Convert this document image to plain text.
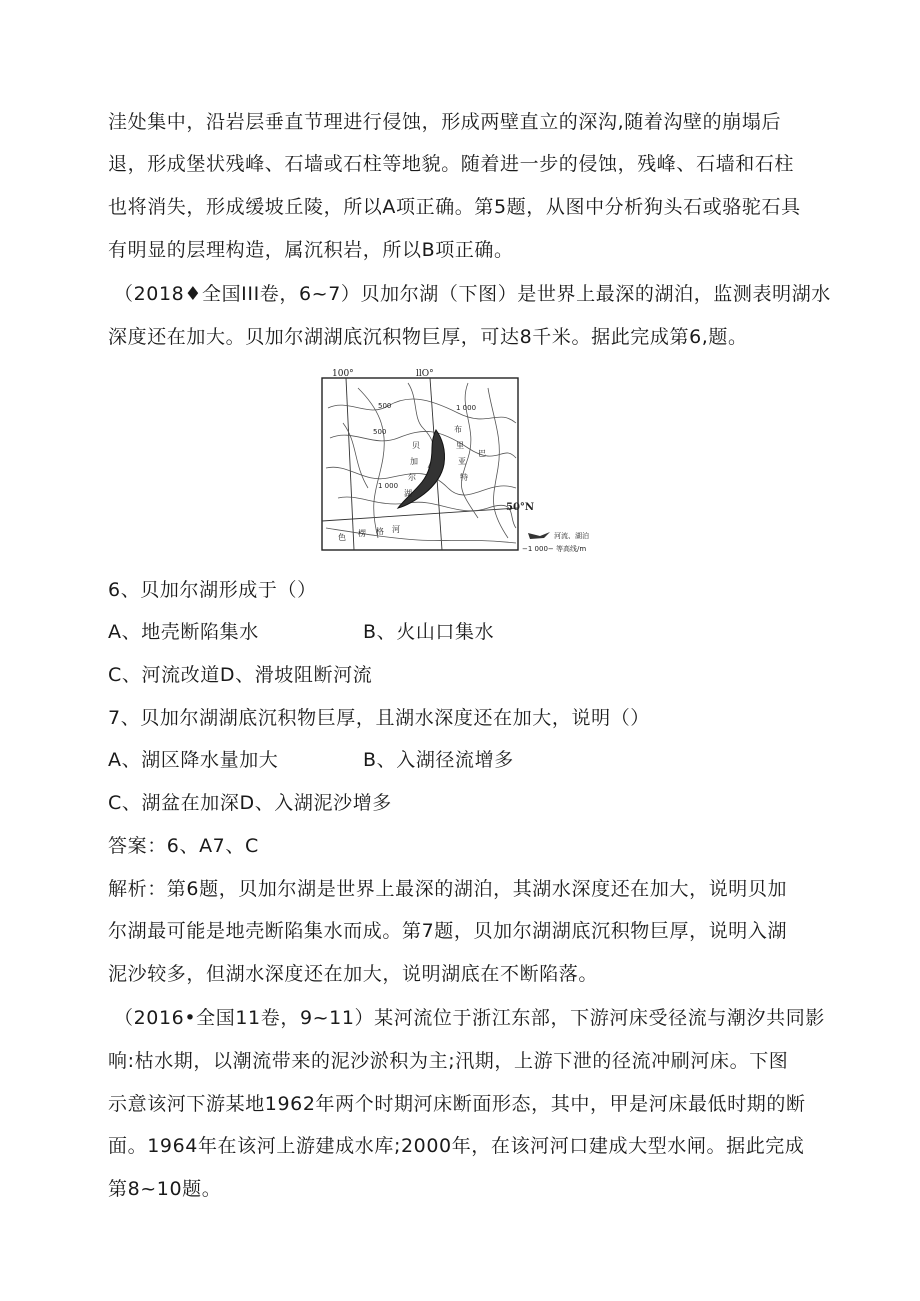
洼处集中，沿岩层垂直节理进行侵蚀，形成两壁直立的深沟,随着沟壁的崩塌后
退，形成堡状残峰、石墙或石柱等地貌。随着进一步的侵蚀，残峰、石墙和石柱
也将消失，形成缓坡丘陵，所以A项正确。第5题，从图中分析狗头石或骆驼石具
有明显的层理构造，属沉积岩，所以B项正确。
（2018♦全国III卷，6~7）贝加尔湖（下图）是世界上最深的湖泊，监测表明湖水
深度还在加大。贝加尔湖湖底沉积物巨厚，可达8千米。据此完成第6,题。
100°	llO°
50°N
1 000
1 000
500
500
贝
加
尔
湖
布
里
亚
特
巴
色 楞 格 河
河流、湖泊
−1 000− 等高线/m
6、贝加尔湖形成于（）
A、地壳断陷集水	B、火山口集水
C、河流改道D、滑坡阻断河流
7、贝加尔湖湖底沉积物巨厚，且湖水深度还在加大，说明（）
A、湖区降水量加大	B、入湖径流增多
C、湖盆在加深D、入湖泥沙增多
答案：6、A7、C
解析：第6题，贝加尔湖是世界上最深的湖泊，其湖水深度还在加大，说明贝加
尔湖最可能是地壳断陷集水而成。第7题，贝加尔湖湖底沉积物巨厚，说明入湖
泥沙较多，但湖水深度还在加大，说明湖底在不断陷落。
（2016•全国11卷，9~11）某河流位于浙江东部，下游河床受径流与潮汐共同影
响:枯水期，以潮流带来的泥沙淤积为主;汛期，上游下泄的径流冲刷河床。下图
示意该河下游某地1962年两个时期河床断面形态，其中，甲是河床最低时期的断
面。1964年在该河上游建成水库;2000年，在该河河口建成大型水闸。据此完成
第8~10题。
